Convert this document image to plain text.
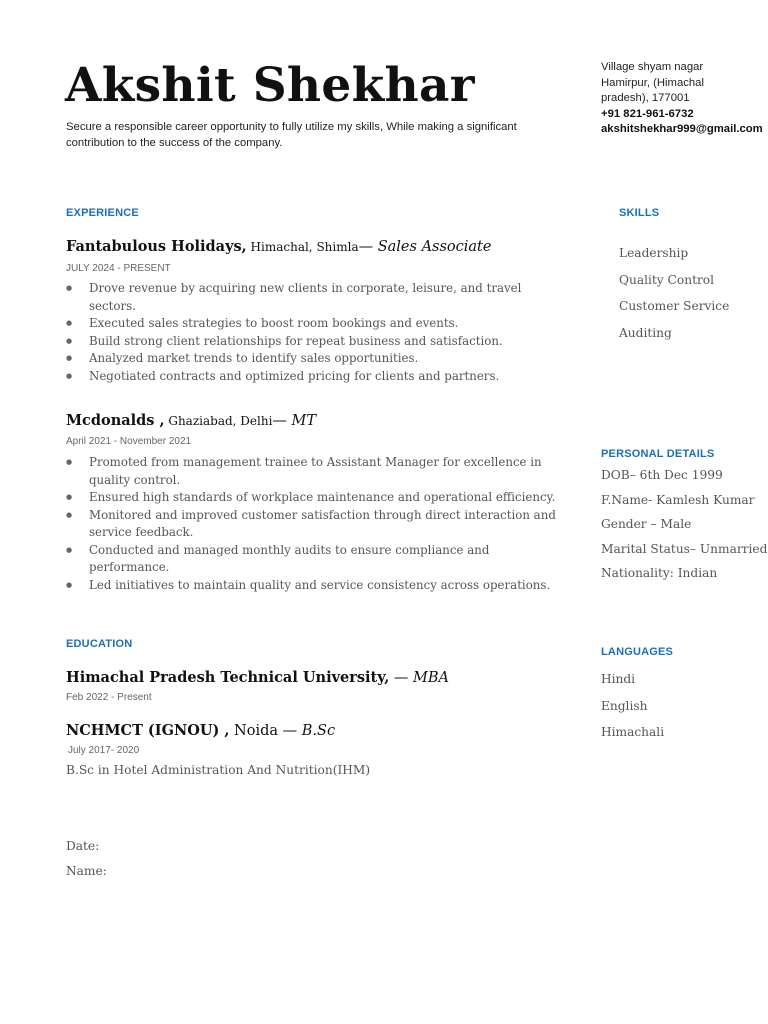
Akshit Shekhar
Secure a responsible career opportunity to fully utilize my skills, While making a significant contribution to the success of the company.
Village shyam nagar
Hamirpur, (Himachal
pradesh), 177001
+91 821-961-6732
akshitshekhar999@gmail.com
EXPERIENCE
Fantabulous Holidays, Himachal, Shimla— Sales Associate
JULY 2024 - PRESENT
● Drove revenue by acquiring new clients in corporate, leisure, and travel sectors.
● Executed sales strategies to boost room bookings and events.
● Build strong client relationships for repeat business and satisfaction.
● Analyzed market trends to identify sales opportunities.
● Negotiated contracts and optimized pricing for clients and partners.
Mcdonalds , Ghaziabad, Delhi— MT
April 2021 - November 2021
● Promoted from management trainee to Assistant Manager for excellence in quality control.
● Ensured high standards of workplace maintenance and operational efficiency.
● Monitored and improved customer satisfaction through direct interaction and service feedback.
● Conducted and managed monthly audits to ensure compliance and performance.
● Led initiatives to maintain quality and service consistency across operations.
EDUCATION
Himachal Pradesh Technical University, — MBA
Feb 2022 - Present
NCHMCT (IGNOU) , Noida — B.Sc
July 2017- 2020
B.Sc in Hotel Administration And Nutrition(IHM)
Date:
Name:
SKILLS
Leadership
Quality Control
Customer Service
Auditing
PERSONAL DETAILS
DOB– 6th Dec 1999
F.Name- Kamlesh Kumar
Gender – Male
Marital Status– Unmarried
Nationality: Indian
LANGUAGES
Hindi
English
Himachali
